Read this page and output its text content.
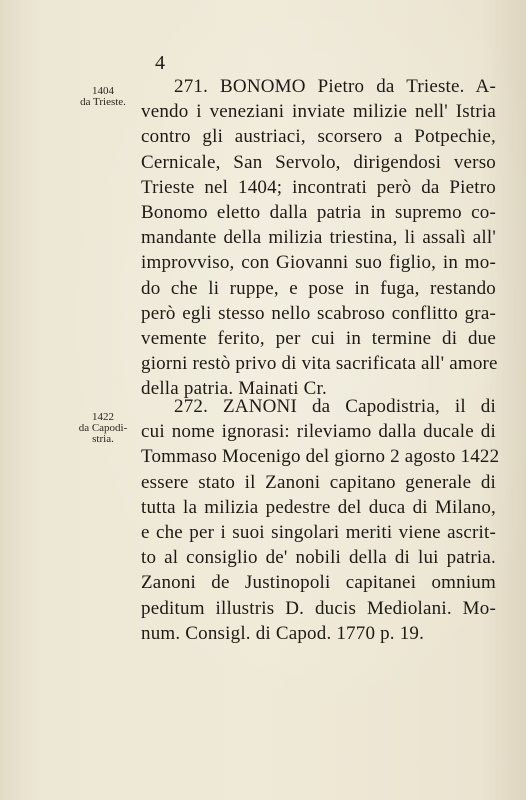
4
1404
da Trieste.
271. BONOMO Pietro da Trieste. A-
vendo i veneziani inviate milizie nell' Istria
contro gli austriaci, scorsero a Potpechie,
Cernicale, San Servolo, dirigendosi verso
Trieste nel 1404; incontrati però da Pietro
Bonomo eletto dalla patria in supremo co-
mandante della milizia triestina, li assalì all'
improvviso, con Giovanni suo figlio, in mo-
do che li ruppe, e pose in fuga, restando
però egli stesso nello scabroso conflitto gra-
vemente ferito, per cui in termine di due
giorni restò privo di vita sacrificata all' amore
della patria. Mainati Cr.
1422
da Capodi-
stria.
272. ZANONI da Capodistria, il di
cui nome ignorasi: rileviamo dalla ducale di
Tommaso Mocenigo del giorno 2 agosto 1422
essere stato il Zanoni capitano generale di
tutta la milizia pedestre del duca di Milano,
e che per i suoi singolari meriti viene ascrit-
to al consiglio de' nobili della di lui patria.
Zanoni de Justinopoli capitanei omnium
peditum illustris D. ducis Mediolani. Mo-
num. Consigl. di Capod. 1770 p. 19.
